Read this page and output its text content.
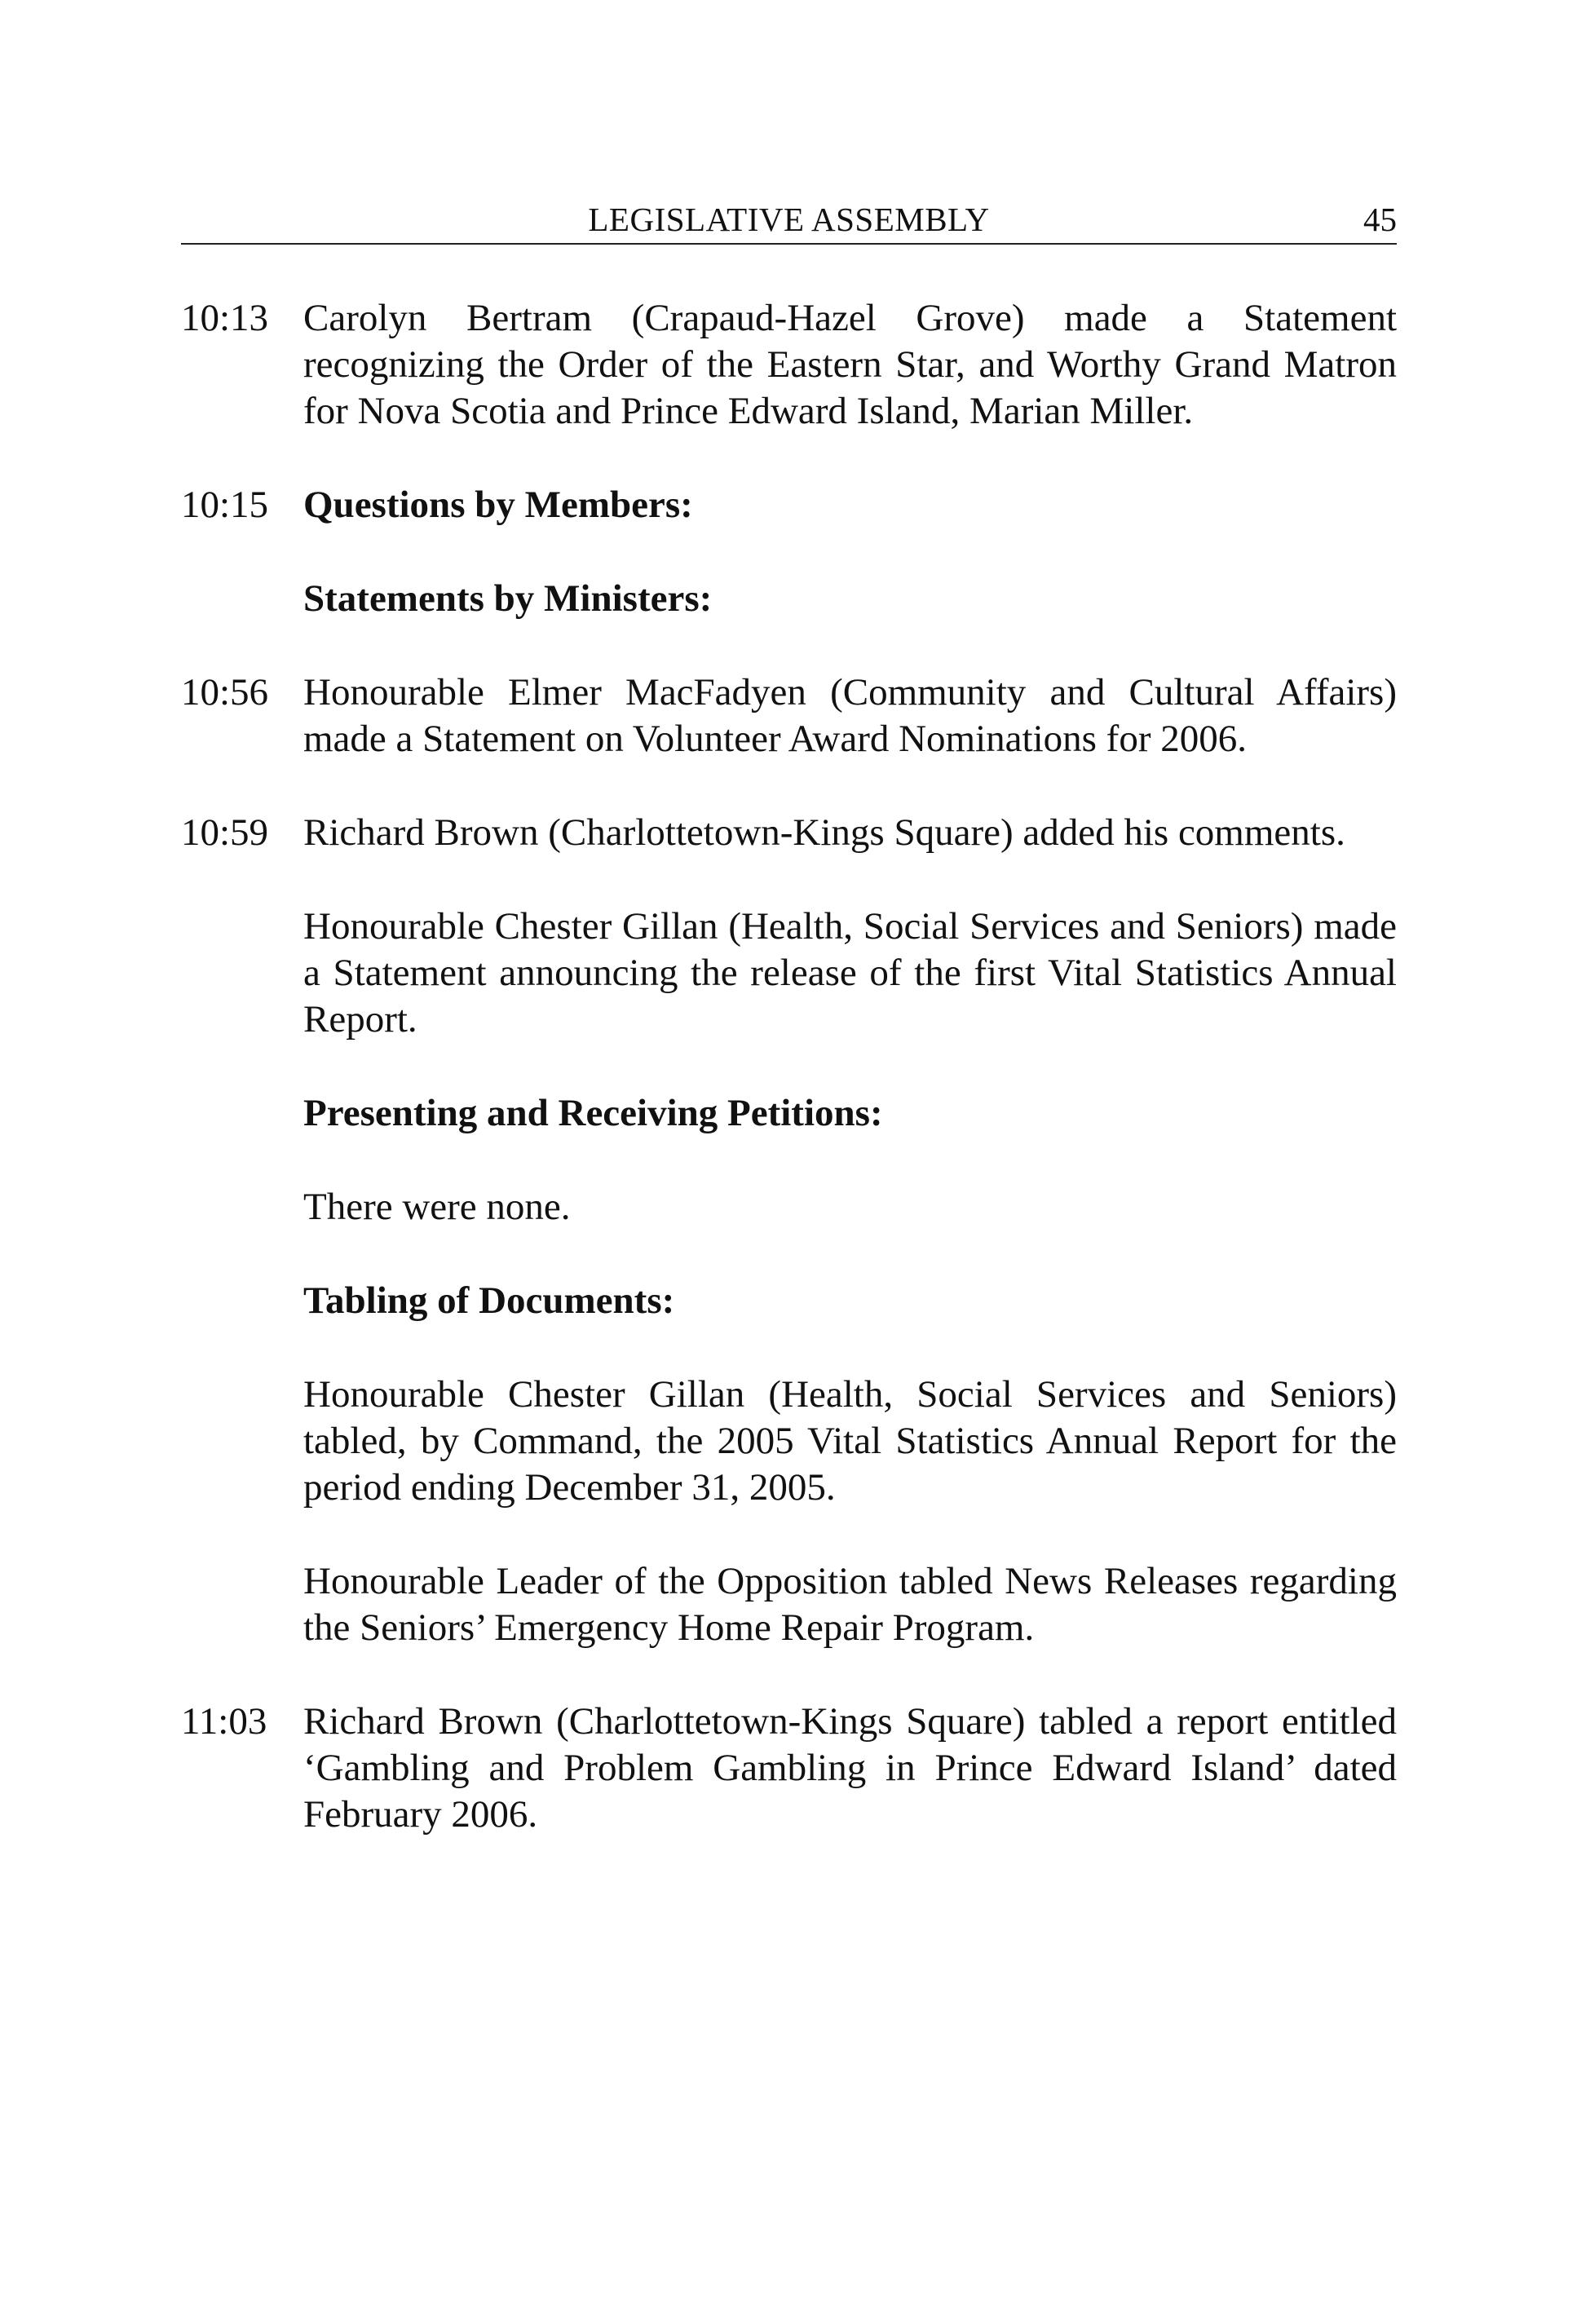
LEGISLATIVE ASSEMBLY	45
10:13 Carolyn Bertram (Crapaud-Hazel Grove) made a Statement recognizing the Order of the Eastern Star, and Worthy Grand Matron for Nova Scotia and Prince Edward Island, Marian Miller.
10:15 Questions by Members:
Statements by Ministers:
10:56 Honourable Elmer MacFadyen (Community and Cultural Affairs) made a Statement on Volunteer Award Nominations for 2006.
10:59 Richard Brown (Charlottetown-Kings Square) added his comments.
Honourable Chester Gillan (Health, Social Services and Seniors) made a Statement announcing the release of the first Vital Statistics Annual Report.
Presenting and Receiving Petitions:
There were none.
Tabling of Documents:
Honourable Chester Gillan (Health, Social Services and Seniors) tabled, by Command, the 2005 Vital Statistics Annual Report for the period ending December 31, 2005.
Honourable Leader of the Opposition tabled News Releases regarding the Seniors’ Emergency Home Repair Program.
11:03 Richard Brown (Charlottetown-Kings Square) tabled a report entitled ‘Gambling and Problem Gambling in Prince Edward Island’ dated February 2006.
